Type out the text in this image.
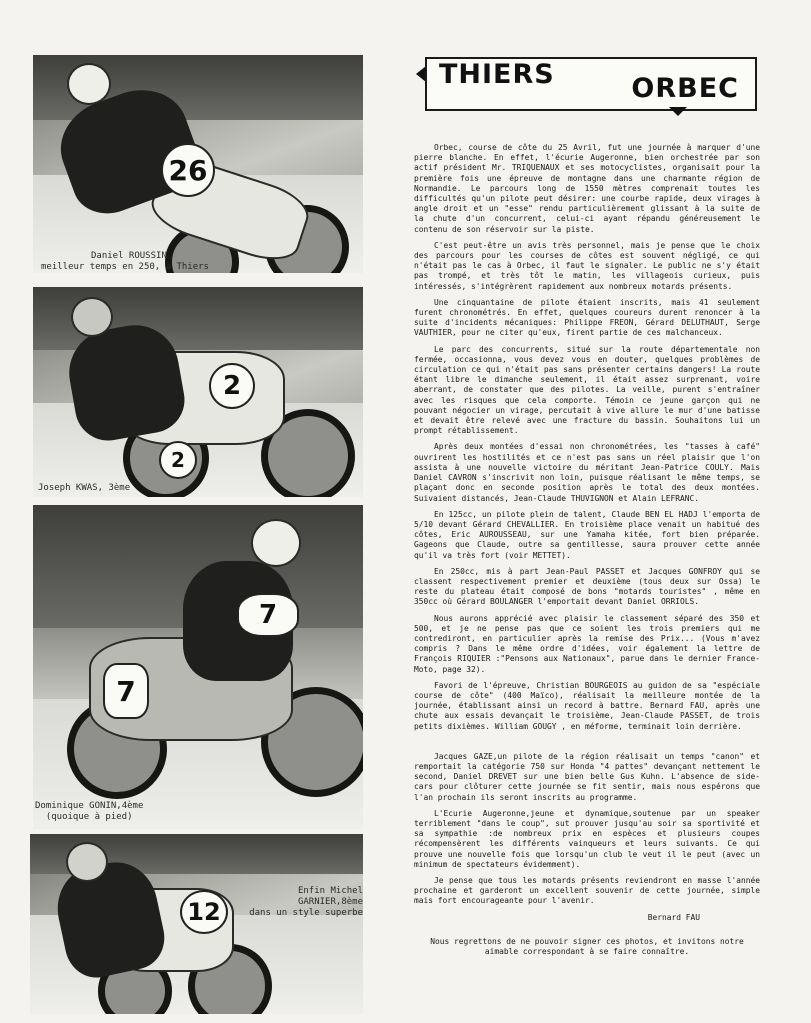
26
Daniel ROUSSIN
meilleur temps en 250, à Thiers
2
2
Joseph KWAS, 3ème
7
7
Dominique GONIN,4ème
(quoique à pied)
12
Enfin Michel GARNIER,8ème
dans un style superbe
THIERS	ORBEC

Orbec, course de côte du 25 Avril, fut une journée à marquer d'une pierre blanche. En effet, l'écurie Augeronne, bien orchestrée par son actif président Mr. TRIQUENAUX et ses motocyclistes, organisait pour la première fois une épreuve de montagne dans une charmante région de Normandie. Le parcours long de 1550 mètres comprenait toutes les difficultés qu'un pilote peut désirer: une courbe rapide, deux virages à angle droit et un "esse" rendu particulièrement glissant à la suite de la chute d'un concurrent, celui-ci ayant répandu généreusement le contenu de son réservoir sur la piste.

C'est peut-être un avis très personnel, mais je pense que le choix des parcours pour les courses de côtes est souvent négligé, ce qui n'était pas le cas à Orbec, il faut le signaler. Le public ne s'y était pas trompé, et très tôt le matin, les villageois curieux, puis intéressés, s'intégrèrent rapidement aux nombreux motards présents.

Une cinquantaine de pilote étaient inscrits, mais 41 seulement furent chronométrés. En effet, quelques coureurs durent renoncer à la suite d'incidents mécaniques: Philippe FREON, Gérard DELUTHAUT, Serge VAUTHIER, pour ne citer qu'eux, firent partie de ces malchanceux.

Le parc des concurrents, situé sur la route départementale non fermée, occasionna, vous devez vous en douter, quelques problèmes de circulation ce qui n'était pas sans présenter certains dangers! La route étant libre le dimanche seulement, il était assez surprenant, voire aberrant, de constater que des pilotes. La veille, purent s'entraîner avec les risques que cela comporte. Témoin ce jeune garçon qui ne pouvant négocier un virage, percutait à vive allure le mur d'une batisse et devait être relevé avec une fracture du bassin. Souhaitons lui un prompt rétablissement.

Après deux montées d'essai non chronométrées, les "tasses à café" ouvrirent les hostilités et ce n'est pas sans un réel plaisir que l'on assista à une nouvelle victoire du méritant Jean-Patrice COULY. Mais Daniel CAVRON s'inscrivit non loin, puisque réalisant le même temps, se plaçant donc en seconde position après le total des deux montées. Suivaient distancés, Jean-Claude THUVIGNON et Alain LEFRANC.

En 125cc, un pilote plein de talent, Claude BEN EL HADJ l'emporta de 5/10 devant Gérard CHEVALLIER. En troisième place venait un habitué des côtes, Eric AUROUSSEAU, sur une Yamaha kitée, fort bien préparée. Gageons que Claude, outre sa gentillesse, saura prouver cette année qu'il va très fort (voir METTET).

En 250cc, mis à part Jean-Paul PASSET et Jacques GONFROY qui se classent respectivement premier et deuxième (tous deux sur Ossa) le reste du plateau était composé de bons "motards touristes" , même en 350cc où Gérard BOULANGER l'emportait devant Daniel ORRIOLS.

Nous aurons apprécié avec plaisir le classement séparé des 350 et 500, et je ne pense pas que ce soient les trois premiers qui me contrediront, en particulier après la remise des Prix... (Vous m'avez compris ? Dans le même ordre d'idées, voir également la lettre de François RIQUIER :"Pensons aux Nationaux", parue dans le dernier France-Moto, page 32).

Favori de l'épreuve, Christian BOURGEOIS au guidon de sa "espéciale course de côte" (400 Maïco), réalisait la meilleure montée de la journée, établissant ainsi un record à battre. Bernard FAU, après une chute aux essais devançait le troisième, Jean-Claude PASSET, de trois petits dixièmes. William GOUGY , en méforme, terminait loin derrière.

Jacques GAZE,un pilote de la région réalisait un temps "canon" et remportait la catégorie 750 sur Honda "4 pattes" devançant nettement le second, Daniel DREVET sur une bien belle Gus Kuhn. L'absence de side-cars pour clôturer cette journée se fit sentir, mais nous espérons que l'an prochain ils seront inscrits au programme.

L'Ecurie Augeronne,jeune et dynamique,soutenue par un speaker terriblement "dans le coup", sut prouver jusqu'au soir sa sportivité et sa sympathie :de nombreux prix en espèces et plusieurs coupes récompensèrent les différents vainqueurs et leurs suivants. Ce qui prouve une nouvelle fois que lorsqu'un club le veut il le peut (avec un minimum de spectateurs évidemment).

Je pense que tous les motards présents reviendront en masse l'année prochaine et garderont un excellent souvenir de cette journée, simple mais fort encourageante pour l'avenir.

Bernard FAU

Nous regrettons de ne pouvoir signer ces photos, et invitons notre aimable correspondant à se faire connaître.
